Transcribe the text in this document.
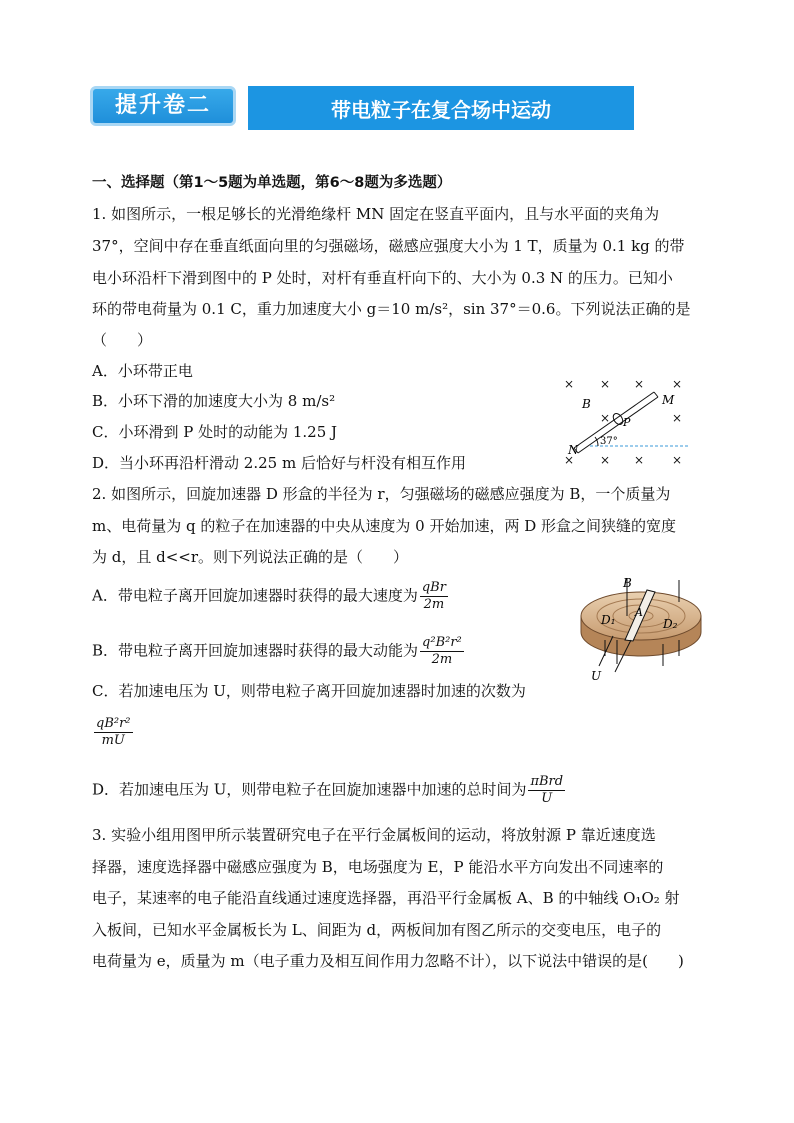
提升卷二	带电粒子在复合场中运动
一、选择题（第1～5题为单选题，第6～8题为多选题）
1. 如图所示，一根足够长的光滑绝缘杆 MN 固定在竖直平面内，且与水平面的夹角为
37°，空间中存在垂直纸面向里的匀强磁场，磁感应强度大小为 1 T，质量为 0.1 kg 的带
电小环沿杆下滑到图中的 P 处时，对杆有垂直杆向下的、大小为 0.3 N 的压力。已知小
环的带电荷量为 0.1 C，重力加速度大小 g＝10 m/s²，sin 37°＝0.6。下列说法正确的是
（　　）
A．小环带正电
B．小环下滑的加速度大小为 8 m/s²
C．小环滑到 P 处时的动能为 1.25 J
D．当小环再沿杆滑动 2.25 m 后恰好与杆没有相互作用
2. 如图所示，回旋加速器 D 形盒的半径为 r，匀强磁场的磁感应强度为 B，一个质量为
m、电荷量为 q 的粒子在加速器的中央从速度为 0 开始加速，两 D 形盒之间狭缝的宽度
为 d，且 d<<r。则下列说法正确的是（　　）
A．带电粒子离开回旋加速器时获得的最大速度为 $\frac{\text{qBr}}{2m}$
B．带电粒子离开回旋加速器时获得的最大动能为 $\frac{\text{q²B²r²}}{2m}$
C．若加速电压为 U，则带电粒子离开回旋加速器时加速的次数为
$\frac{\text{qB²r²}}{mU}$
D．若加速电压为 U，则带电粒子在回旋加速器中加速的总时间为 $\frac{\text{πBrd}}{U}$
3. 实验小组用图甲所示装置研究电子在平行金属板间的运动，将放射源 P 靠近速度选
择器，速度选择器中磁感应强度为 B，电场强度为 E，P 能沿水平方向发出不同速率的
电子，某速率的电子能沿直线通过速度选择器，再沿平行金属板 A、B 的中轴线 O₁O₂ 射
入板间，已知水平金属板长为 L、间距为 d，两板间加有图乙所示的交变电压，电子的
电荷量为 e，质量为 m（电子重力及相互间作用力忽略不计），以下说法中错误的是(　　)
× × × ×
×	×
× × × ×
B	M
P
N
37°
B
A
D₁	D₂
U
